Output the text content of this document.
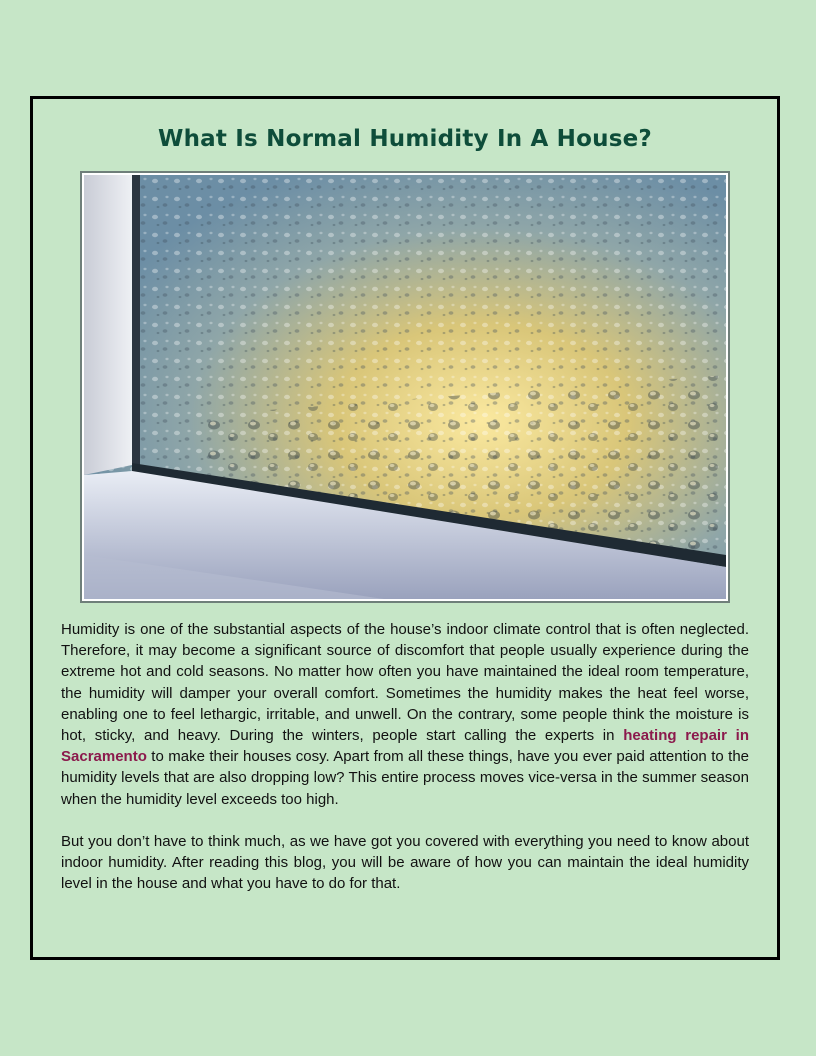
What Is Normal Humidity In A House?

Humidity is one of the substantial aspects of the house’s indoor climate control that is often neglected. Therefore, it may become a significant source of discomfort that people usually experience during the extreme hot and cold seasons. No matter how often you have maintained the ideal room temperature, the humidity will damper your overall comfort. Sometimes the humidity makes the heat feel worse, enabling one to feel lethargic, irritable, and unwell. On the contrary, some people think the moisture is hot, sticky, and heavy. During the winters, people start calling the experts in heating repair in Sacramento to make their houses cosy. Apart from all these things, have you ever paid attention to the humidity levels that are also dropping low? This entire process moves vice-versa in the summer season when the humidity level exceeds too high.

But you don’t have to think much, as we have got you covered with everything you need to know about indoor humidity. After reading this blog, you will be aware of how you can maintain the ideal humidity level in the house and what you have to do for that.
